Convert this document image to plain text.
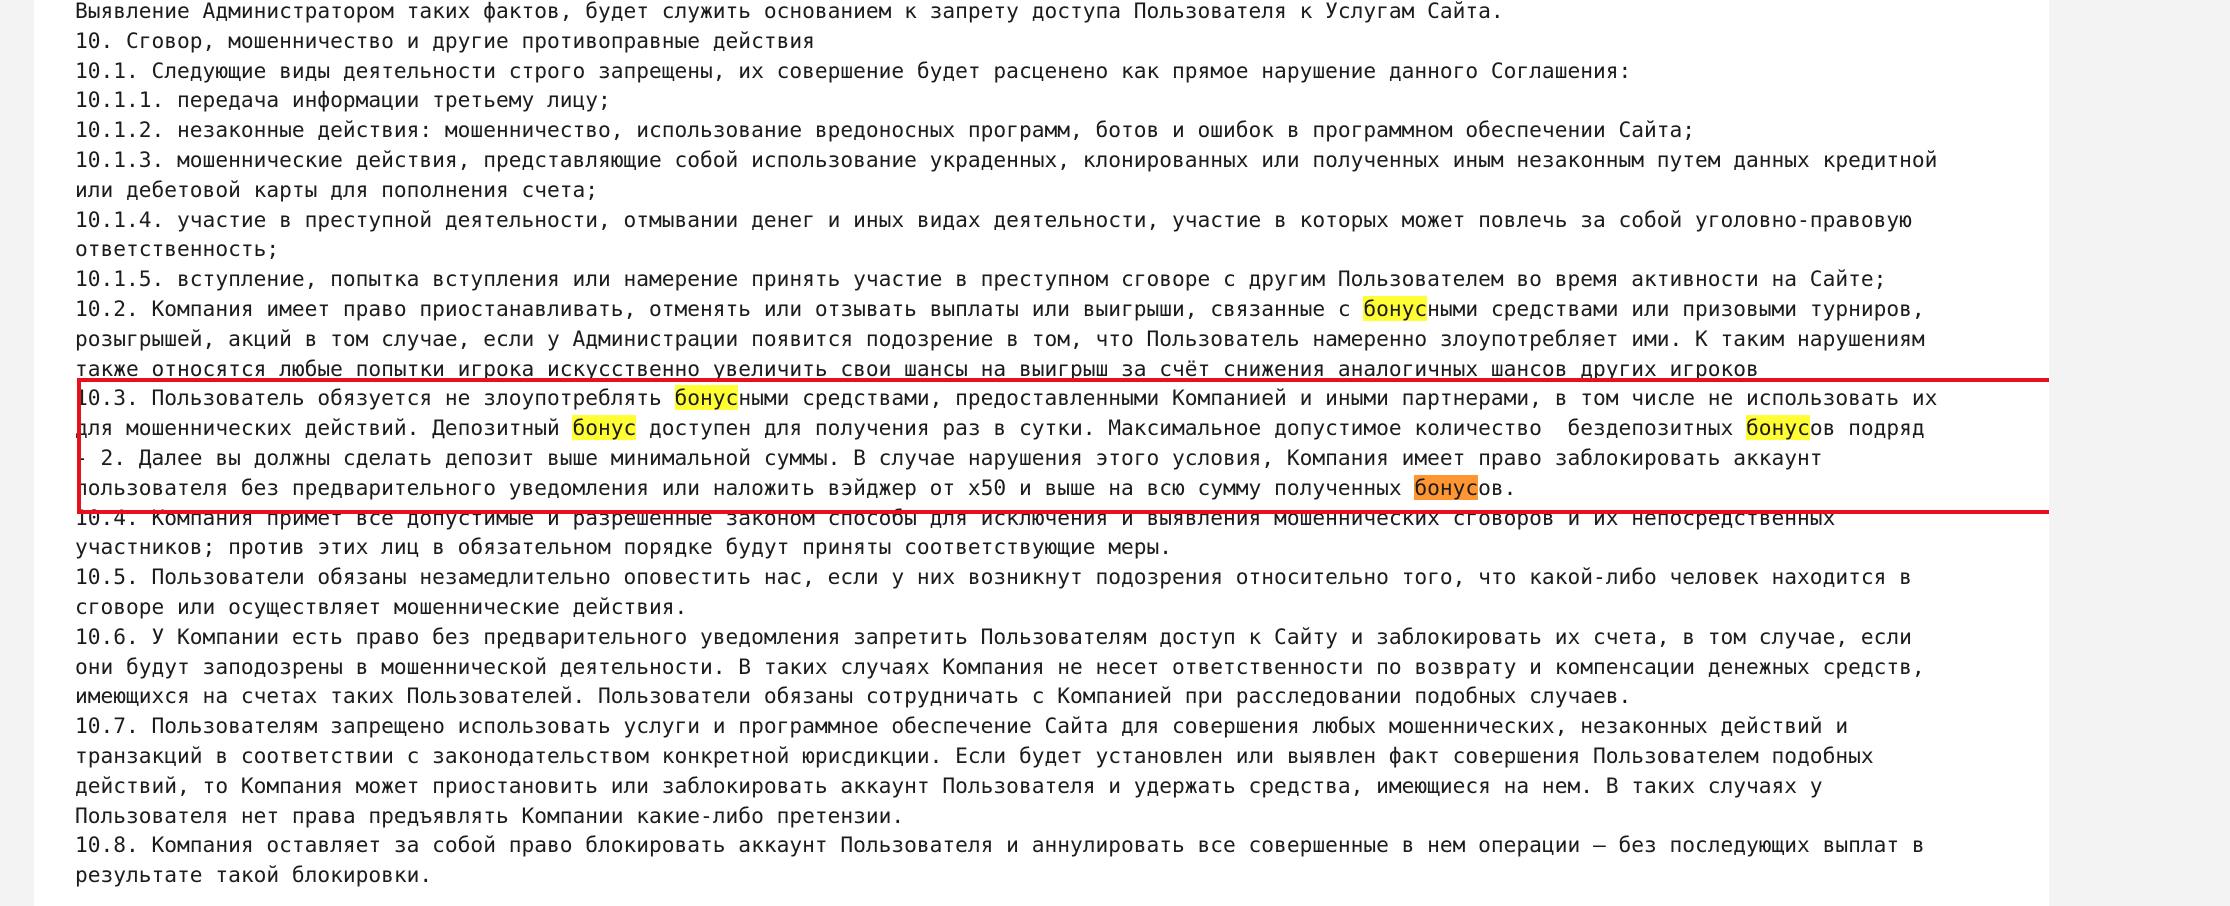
Выявление Администратором таких фактов, будет служить основанием к запрету доступа Пользователя к Услугам Сайта.
10. Сговор, мошенничество и другие противоправные действия
10.1. Следующие виды деятельности строго запрещены, их совершение будет расценено как прямое нарушение данного Соглашения:
10.1.1. передача информации третьему лицу;
10.1.2. незаконные действия: мошенничество, использование вредоносных программ, ботов и ошибок в программном обеспечении Сайта;
10.1.3. мошеннические действия, представляющие собой использование украденных, клонированных или полученных иным незаконным путем данных кредитной
или дебетовой карты для пополнения счета;
10.1.4. участие в преступной деятельности, отмывании денег и иных видах деятельности, участие в которых может повлечь за собой уголовно-правовую
ответственность;
10.1.5. вступление, попытка вступления или намерение принять участие в преступном сговоре с другим Пользователем во время активности на Сайте;
10.2. Компания имеет право приостанавливать, отменять или отзывать выплаты или выигрыши, связанные с бонусными средствами или призовыми турниров,
розыгрышей, акций в том случае, если у Администрации появится подозрение в том, что Пользователь намеренно злоупотребляет ими. К таким нарушениям
также относятся любые попытки игрока искусственно увеличить свои шансы на выигрыш за счёт снижения аналогичных шансов других игроков
10.3. Пользователь обязуется не злоупотреблять бонусными средствами, предоставленными Компанией и иными партнерами, в том числе не использовать их
для мошеннических действий. Депозитный бонус доступен для получения раз в сутки. Максимальное допустимое количество  бездепозитных бонусов подряд
- 2. Далее вы должны сделать депозит выше минимальной суммы. В случае нарушения этого условия, Компания имеет право заблокировать аккаунт
пользователя без предварительного уведомления или наложить вэйджер от х50 и выше на всю сумму полученных бонусов.
10.4. Компания примет все допустимые и разрешенные законом способы для исключения и выявления мошеннических сговоров и их непосредственных
участников; против этих лиц в обязательном порядке будут приняты соответствующие меры.
10.5. Пользователи обязаны незамедлительно оповестить нас, если у них возникнут подозрения относительно того, что какой-либо человек находится в
сговоре или осуществляет мошеннические действия.
10.6. У Компании есть право без предварительного уведомления запретить Пользователям доступ к Сайту и заблокировать их счета, в том случае, если
они будут заподозрены в мошеннической деятельности. В таких случаях Компания не несет ответственности по возврату и компенсации денежных средств,
имеющихся на счетах таких Пользователей. Пользователи обязаны сотрудничать с Компанией при расследовании подобных случаев.
10.7. Пользователям запрещено использовать услуги и программное обеспечение Сайта для совершения любых мошеннических, незаконных действий и
транзакций в соответствии с законодательством конкретной юрисдикции. Если будет установлен или выявлен факт совершения Пользователем подобных
действий, то Компания может приостановить или заблокировать аккаунт Пользователя и удержать средства, имеющиеся на нем. В таких случаях у
Пользователя нет права предъявлять Компании какие-либо претензии.
10.8. Компания оставляет за собой право блокировать аккаунт Пользователя и аннулировать все совершенные в нем операции – без последующих выплат в
результате такой блокировки.
